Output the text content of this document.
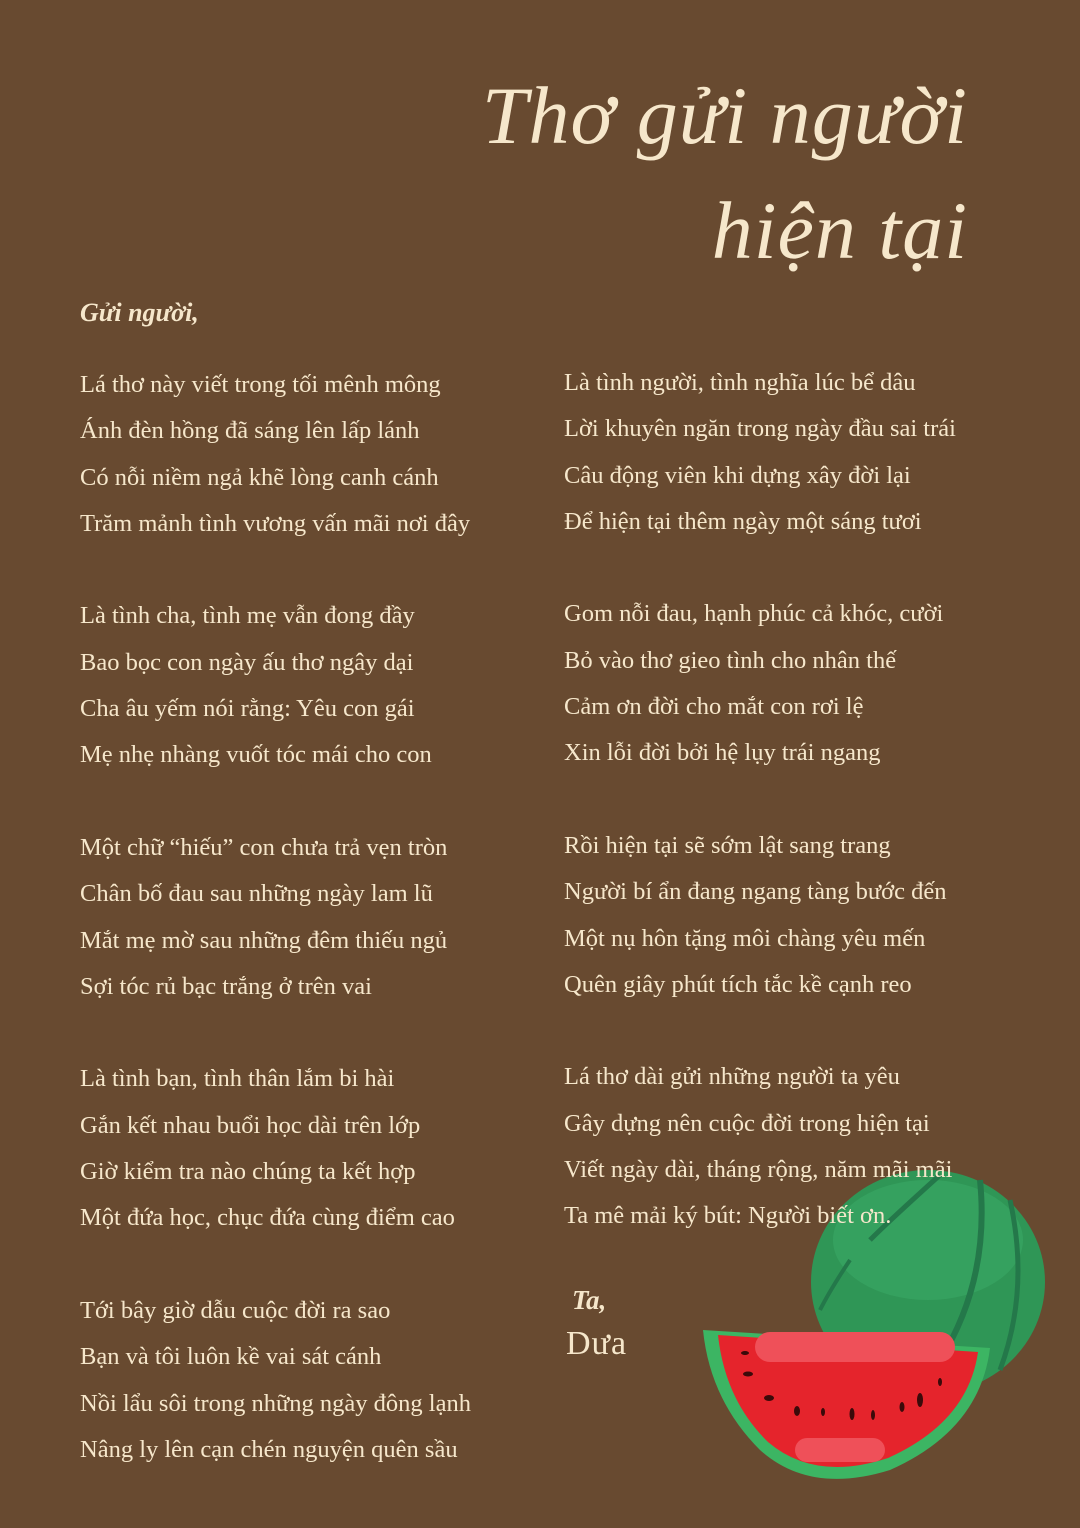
Thơ gửi người
hiện tại
Gửi người,
Lá thơ này viết trong tối mênh mông
Ánh đèn hồng đã sáng lên lấp lánh
Có nỗi niềm ngả khẽ lòng canh cánh
Trăm mảnh tình vương vấn mãi nơi đây
Là tình cha, tình mẹ vẫn đong đầy
Bao bọc con ngày ấu thơ ngây dại
Cha âu yếm nói rằng: Yêu con gái
Mẹ nhẹ nhàng vuốt tóc mái cho con
Một chữ “hiếu” con chưa trả vẹn tròn
Chân bố đau sau những ngày lam lũ
Mắt mẹ mờ sau những đêm thiếu ngủ
Sợi tóc rủ bạc trắng ở trên vai
Là tình bạn, tình thân lắm bi hài
Gắn kết nhau buổi học dài trên lớp
Giờ kiểm tra nào chúng ta kết hợp
Một đứa học, chục đứa cùng điểm cao
Tới bây giờ dẫu cuộc đời ra sao
Bạn và tôi luôn kề vai sát cánh
Nồi lẩu sôi trong những ngày đông lạnh
Nâng ly lên cạn chén nguyện quên sầu
Là tình người, tình nghĩa lúc bể dâu
Lời khuyên ngăn trong ngày đầu sai trái
Câu động viên khi dựng xây đời lại
Để hiện tại thêm ngày một sáng tươi
Gom nỗi đau, hạnh phúc cả khóc, cười
Bỏ vào thơ gieo tình cho nhân thế
Cảm ơn đời cho mắt con rơi lệ
Xin lỗi đời bởi hệ lụy trái ngang
Rồi hiện tại sẽ sớm lật sang trang
Người bí ẩn đang ngang tàng bước đến
Một nụ hôn tặng môi chàng yêu mến
Quên giây phút tích tắc kề cạnh reo
Lá thơ dài gửi những người ta yêu
Gây dựng nên cuộc đời trong hiện tại
Viết ngày dài, tháng rộng, năm mãi mãi
Ta mê mải ký bút: Người biết ơn.
Ta,
Dưa
